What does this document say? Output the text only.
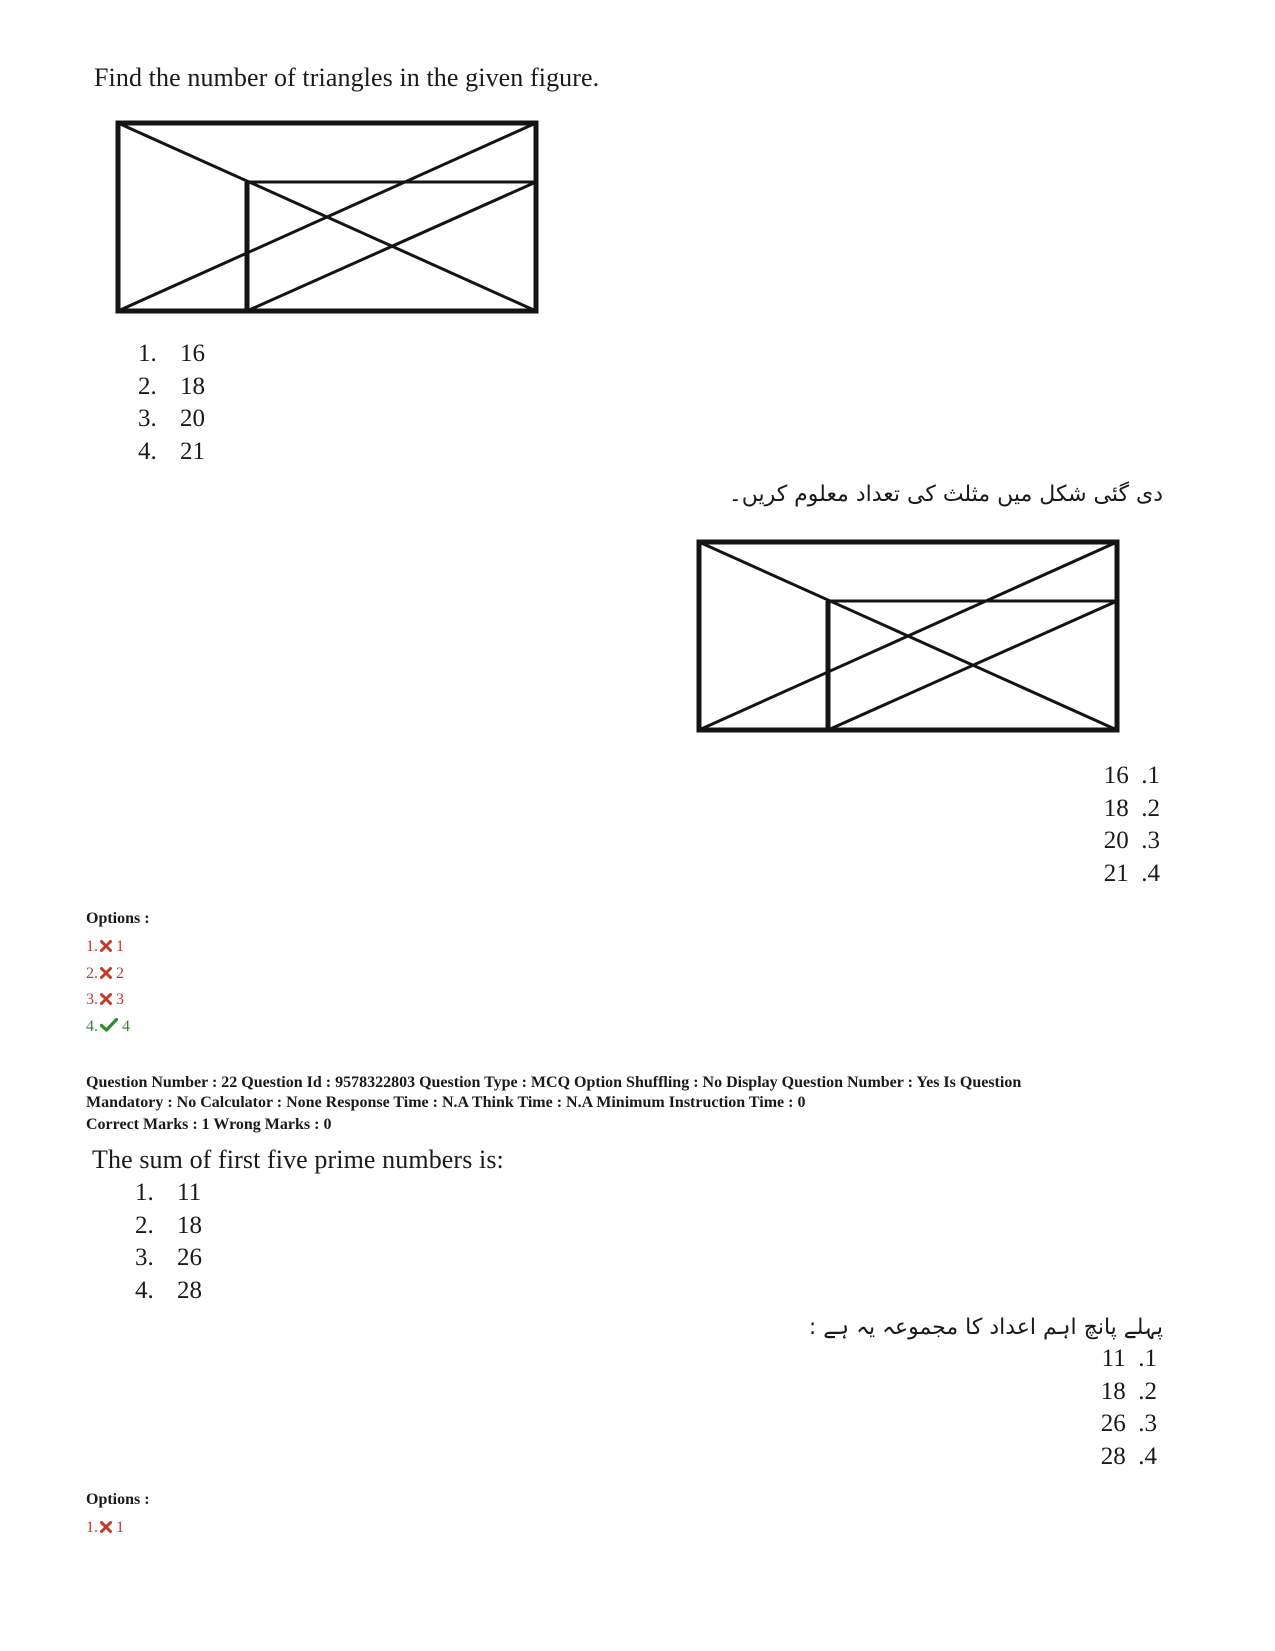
Find the number of triangles in the given figure.
1. 16
2. 18
3. 20
4. 21
دی گئی شکل میں مثلث کی تعداد معلوم کریں۔
16 .1
18 .2
20 .3
21 .4
Options :
1. 1
2. 2
3. 3
4. 4
Question Number : 22 Question Id : 9578322803 Question Type : MCQ Option Shuffling : No Display Question Number : Yes Is Question
Mandatory : No Calculator : None Response Time : N.A Think Time : N.A Minimum Instruction Time : 0
Correct Marks : 1 Wrong Marks : 0
The sum of first five prime numbers is:
1. 11
2. 18
3. 26
4. 28
پہلے پانچ اہم اعداد کا مجموعہ یہ ہے :
11 .1
18 .2
26 .3
28 .4
Options :
1. 1
